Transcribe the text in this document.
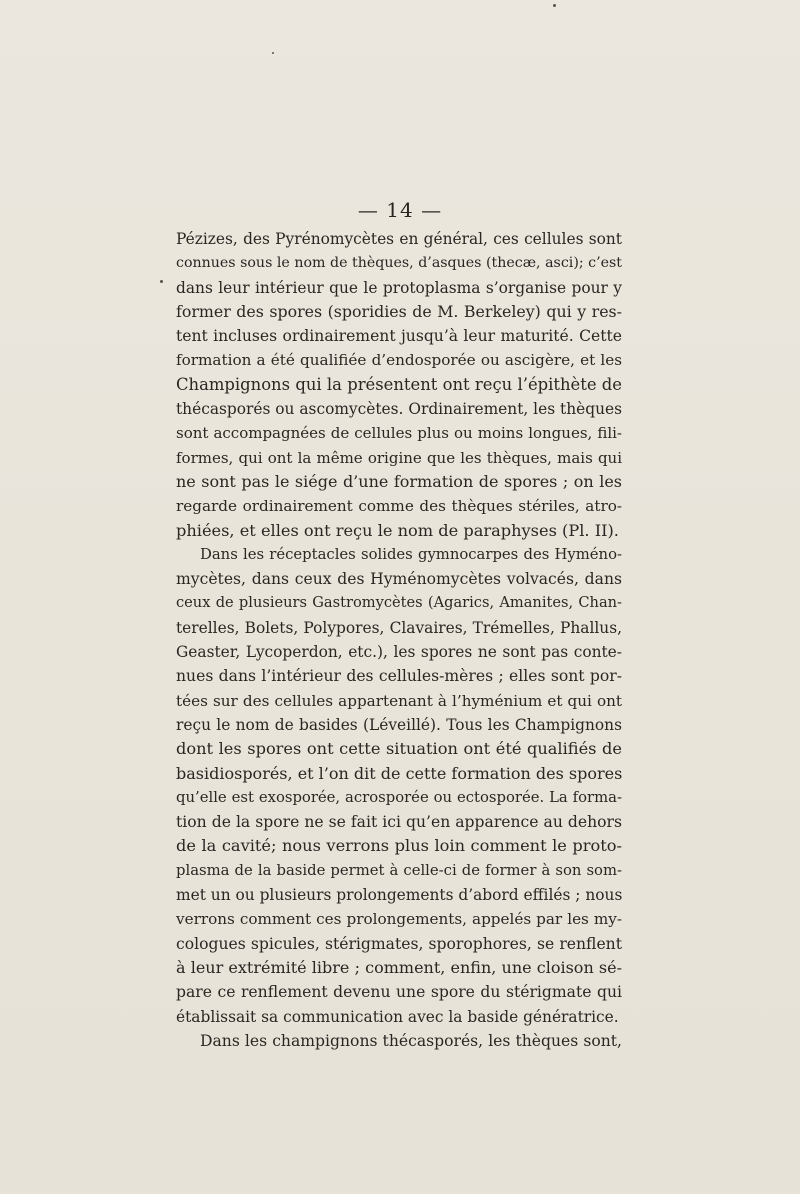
— 14 —
Pézizes, des Pyrénomycètes en général, ces cellules sont
connues sous le nom de thèques, d’asques (thecæ, asci); c’est
dans leur intérieur que le protoplasma s’organise pour y
former des spores (sporidies de M. Berkeley) qui y res-
tent incluses ordinairement jusqu’à leur maturité. Cette
formation a été qualifiée d’endosporée ou ascigère, et les
Champignons qui la présentent ont reçu l’épithète de
thécasporés ou ascomycètes. Ordinairement, les thèques
sont accompagnées de cellules plus ou moins longues, fili-
formes, qui ont la même origine que les thèques, mais qui
ne sont pas le siége d’une formation de spores ; on les
regarde ordinairement comme des thèques stériles, atro-
phiées, et elles ont reçu le nom de paraphyses (Pl. II).
Dans les réceptacles solides gymnocarpes des Hyméno-
mycètes, dans ceux des Hyménomycètes volvacés, dans
ceux de plusieurs Gastromycètes (Agarics, Amanites, Chan-
terelles, Bolets, Polypores, Clavaires, Trémelles, Phallus,
Geaster, Lycoperdon, etc.), les spores ne sont pas conte-
nues dans l’intérieur des cellules-mères ; elles sont por-
tées sur des cellules appartenant à l’hyménium et qui ont
reçu le nom de basides (Léveillé). Tous les Champignons
dont les spores ont cette situation ont été qualifiés de
basidiosporés, et l’on dit de cette formation des spores
qu’elle est exosporée, acrosporée ou ectosporée. La forma-
tion de la spore ne se fait ici qu’en apparence au dehors
de la cavité; nous verrons plus loin comment le proto-
plasma de la baside permet à celle-ci de former à son som-
met un ou plusieurs prolongements d’abord effilés ; nous
verrons comment ces prolongements, appelés par les my-
cologues spicules, stérigmates, sporophores, se renflent
à leur extrémité libre ; comment, enfin, une cloison sé-
pare ce renflement devenu une spore du stérigmate qui
établissait sa communication avec la baside génératrice.
Dans les champignons thécasporés, les thèques sont,
